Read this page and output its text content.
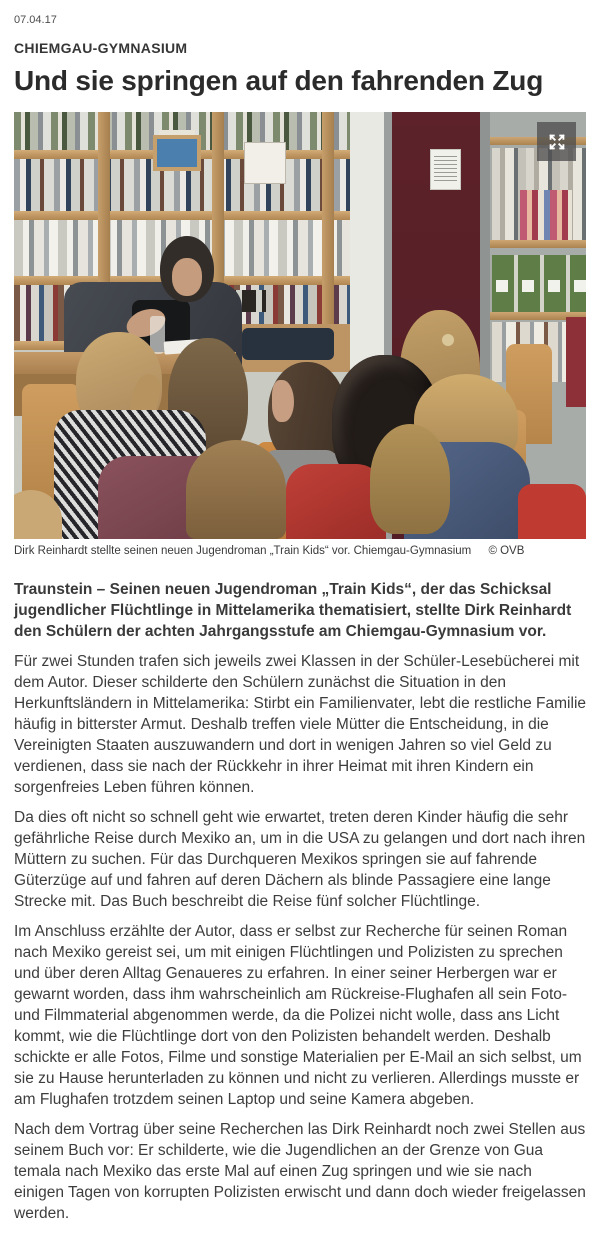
07.04.17
CHIEMGAU-GYMNASIUM
Und sie springen auf den fahrenden Zug
Dirk Reinhardt stellte seinen neuen Jugendroman „Train Kids“ vor. Chiemgau-Gymnasium © OVB

Traunstein – Seinen neuen Jugendroman „Train Kids“, der das Schicksal jugendlicher Flüchtlinge in Mittelamerika thematisiert, stellte Dirk Reinhardt den Schülern der achten Jahrgangsstufe am Chiemgau-Gymnasium vor.

Für zwei Stunden trafen sich jeweils zwei Klassen in der Schüler-Lesebücherei mit dem Autor. Dieser schilderte den Schülern zunächst die Situation in den Herkunftsländern in Mittelamerika: Stirbt ein Familienvater, lebt die restliche Familie häufig in bitterster Armut. Deshalb treffen viele Mütter die Entscheidung, in die Vereinigten Staaten auszuwandern und dort in wenigen Jahren so viel Geld zu verdienen, dass sie nach der Rückkehr in ihrer Heimat mit ihren Kindern ein sorgenfreies Leben führen können.

Da dies oft nicht so schnell geht wie erwartet, treten deren Kinder häufig die sehr gefährliche Reise durch Mexiko an, um in die USA zu gelangen und dort nach ihren Müttern zu suchen. Für das Durchqueren Mexikos springen sie auf fahrende Güterzüge auf und fahren auf deren Dächern als blinde Passagiere eine lange Strecke mit. Das Buch beschreibt die Reise fünf solcher Flüchtlinge.

Im Anschluss erzählte der Autor, dass er selbst zur Recherche für seinen Roman nach Mexiko gereist sei, um mit einigen Flüchtlingen und Polizisten zu sprechen und über deren Alltag Genaueres zu erfahren. In einer seiner Herbergen war er gewarnt worden, dass ihm wahrscheinlich am Rückreise-Flughafen all sein Foto- und Filmmaterial abgenommen werde, da die Polizei nicht wolle, dass ans Licht kommt, wie die Flüchtlinge dort von den Polizisten behandelt werden. Deshalb schickte er alle Fotos, Filme und sonstige Materialien per E-Mail an sich selbst, um sie zu Hause herunterladen zu können und nicht zu verlieren. Allerdings musste er am Flughafen trotzdem seinen Laptop und seine Kamera abgeben.

Nach dem Vortrag über seine Recherchen las Dirk Reinhardt noch zwei Stellen aus seinem Buch vor: Er schilderte, wie die Jugendlichen an der Grenze von Gua temala nach Mexiko das erste Mal auf einen Zug springen und wie sie nach einigen Tagen von korrupten Polizisten erwischt und dann doch wieder freigelassen werden.
